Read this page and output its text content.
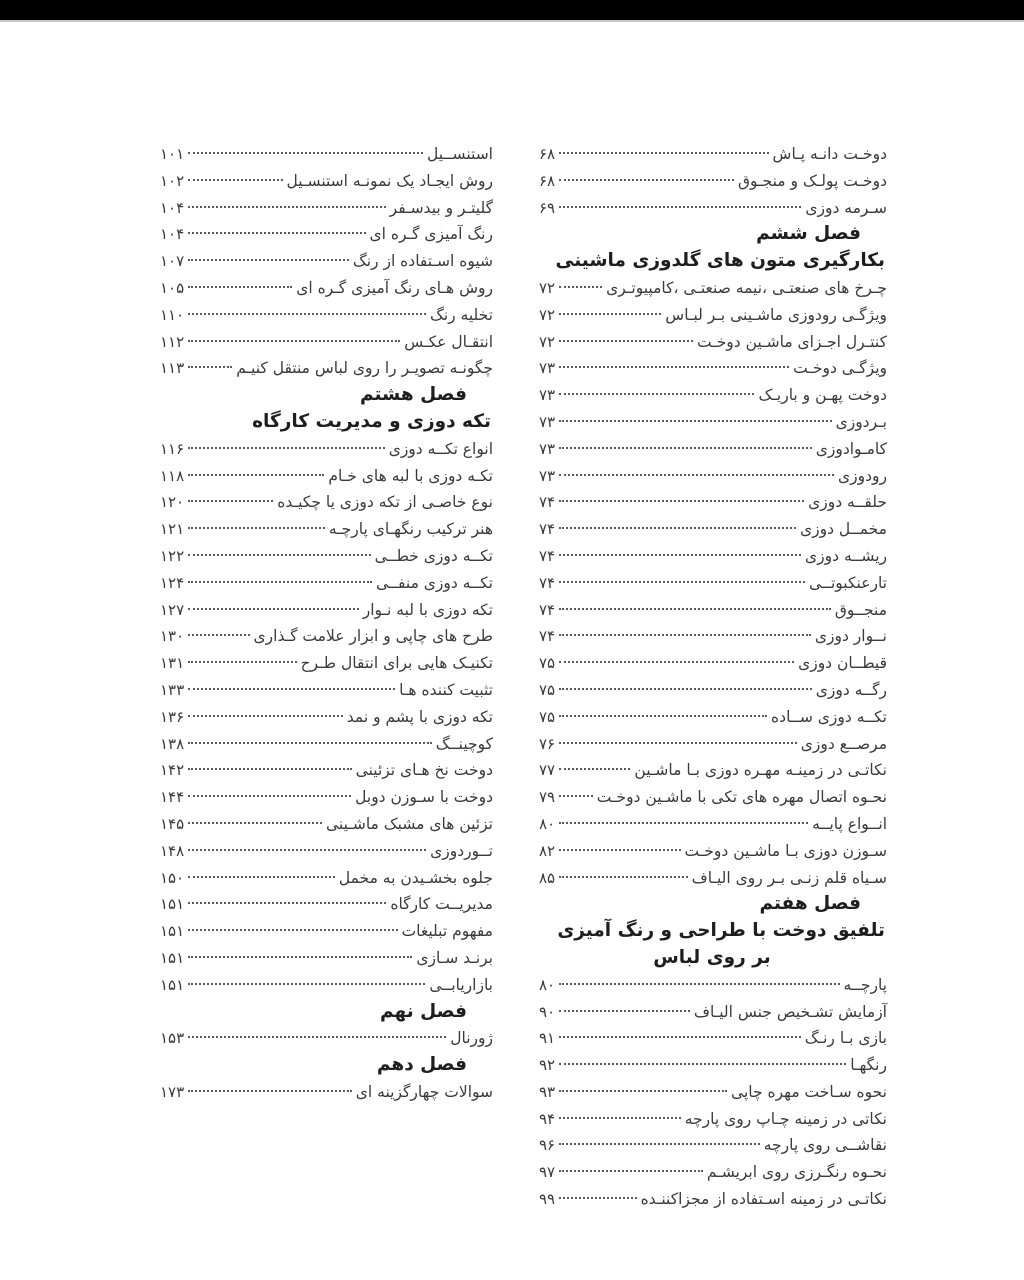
دوخـت دانـه پـاش
۶۸
دوخـت پولـک و منجـوق
۶۸
سـرمه دوزی
۶۹
فصل ششم
بکارگیری متون های گلدوزی ماشینی
چـرخ های صنعتـی ،نیمه صنعتـی ،کامپیوتـری
۷۲
ویژگـی رودوزی ماشـینی بـر لبـاس
۷۲
کنتـرل اجـزای ماشـین دوخـت
۷۲
ویژگـی دوخـت
۷۳
دوخت پهـن و باریـک
۷۳
بـردوزی
۷۳
کامـوادوزی
۷۳
رودوزی
۷۳
حلقــه دوزی
۷۴
مخمــل دوزی
۷۴
ریشــه دوزی
۷۴
تارعنکبوتــی
۷۴
منجــوق
۷۴
نــوار دوزی
۷۴
قیطــان دوزی
۷۵
رگــه دوزی
۷۵
تکــه دوزی ســاده
۷۵
مرصــع دوزی
۷۶
نکاتـی در زمینـه مهـره دوزی بـا ماشـین
۷۷
نحـوه اتصال مهره های تکی با ماشـین دوخـت
۷۹
انــواع پایــه
۸۰
سـوزن دوزی بـا ماشـین دوخـت
۸۲
سـیاه قلم زنـی بـر روی الیـاف
۸۵
فصل هفتم
تلفیق دوخت با طراحی و رنگ آمیزی
بر روی لباس
پارچــه
۸۰
آزمایش تشـخیص جنس الیـاف
۹۰
بازی بـا رنـگ
۹۱
رنگهـا
۹۲
نحوه سـاخت مهره چاپی
۹۳
نکاتی در زمینه چـاپ روی پارچه
۹۴
نقاشــی روی پارچه
۹۶
نحـوه رنگـرزی روی ابریشـم
۹۷
نکاتـی در زمینه اسـتفاده از مجزاکننـده
۹۹
استنســیل
۱۰۱
روش ایجـاد یک نمونـه استنسـیل
۱۰۲
گلیتـر و بیدسـفر
۱۰۴
رنگ آمیزی گـره ای
۱۰۴
شیوه اسـتفاده از رنگ
۱۰۷
روش هـای رنگ آمیزی گـره ای
۱۰۵
تخلیه رنگ
۱۱۰
انتقـال عکـس
۱۱۲
چگونـه تصویـر را روی لباس منتقل کنیـم
۱۱۳
فصل هشتم
تکه دوزی و مدیریت کارگاه
انواع تکــه دوزی
۱۱۶
تکـه دوزی با لبه های خـام
۱۱۸
نوع خاصـی از تکه دوزی یا چکیـده
۱۲۰
هنر ترکیب رنگهـای پارچـه
۱۲۱
تکــه دوزی خطــی
۱۲۲
تکــه دوزی منفــی
۱۲۴
تکه دوزی با لبه نـوار
۱۲۷
طرح های چاپی و ابزار علامت گـذاری
۱۳۰
تکنیـک هایی برای انتقال طـرح
۱۳۱
تثبیت کننده هـا
۱۳۳
تکه دوزی با پشم و نمد
۱۳۶
کوچینــگ
۱۳۸
دوخت نخ هـای تزئینی
۱۴۲
دوخت با سـوزن دوبل
۱۴۴
تزئین های مشبک ماشـینی
۱۴۵
تــوردوزی
۱۴۸
جلوه بخشـیدن به مخمل
۱۵۰
مدیریــت کارگاه
۱۵۱
مفهوم تبلیغات
۱۵۱
برنـد سـازی
۱۵۱
بازاریابــی
۱۵۱
فصل نهم
ژورنال
۱۵۳
فصل دهم
سوالات چهارگزینه ای
۱۷۳
